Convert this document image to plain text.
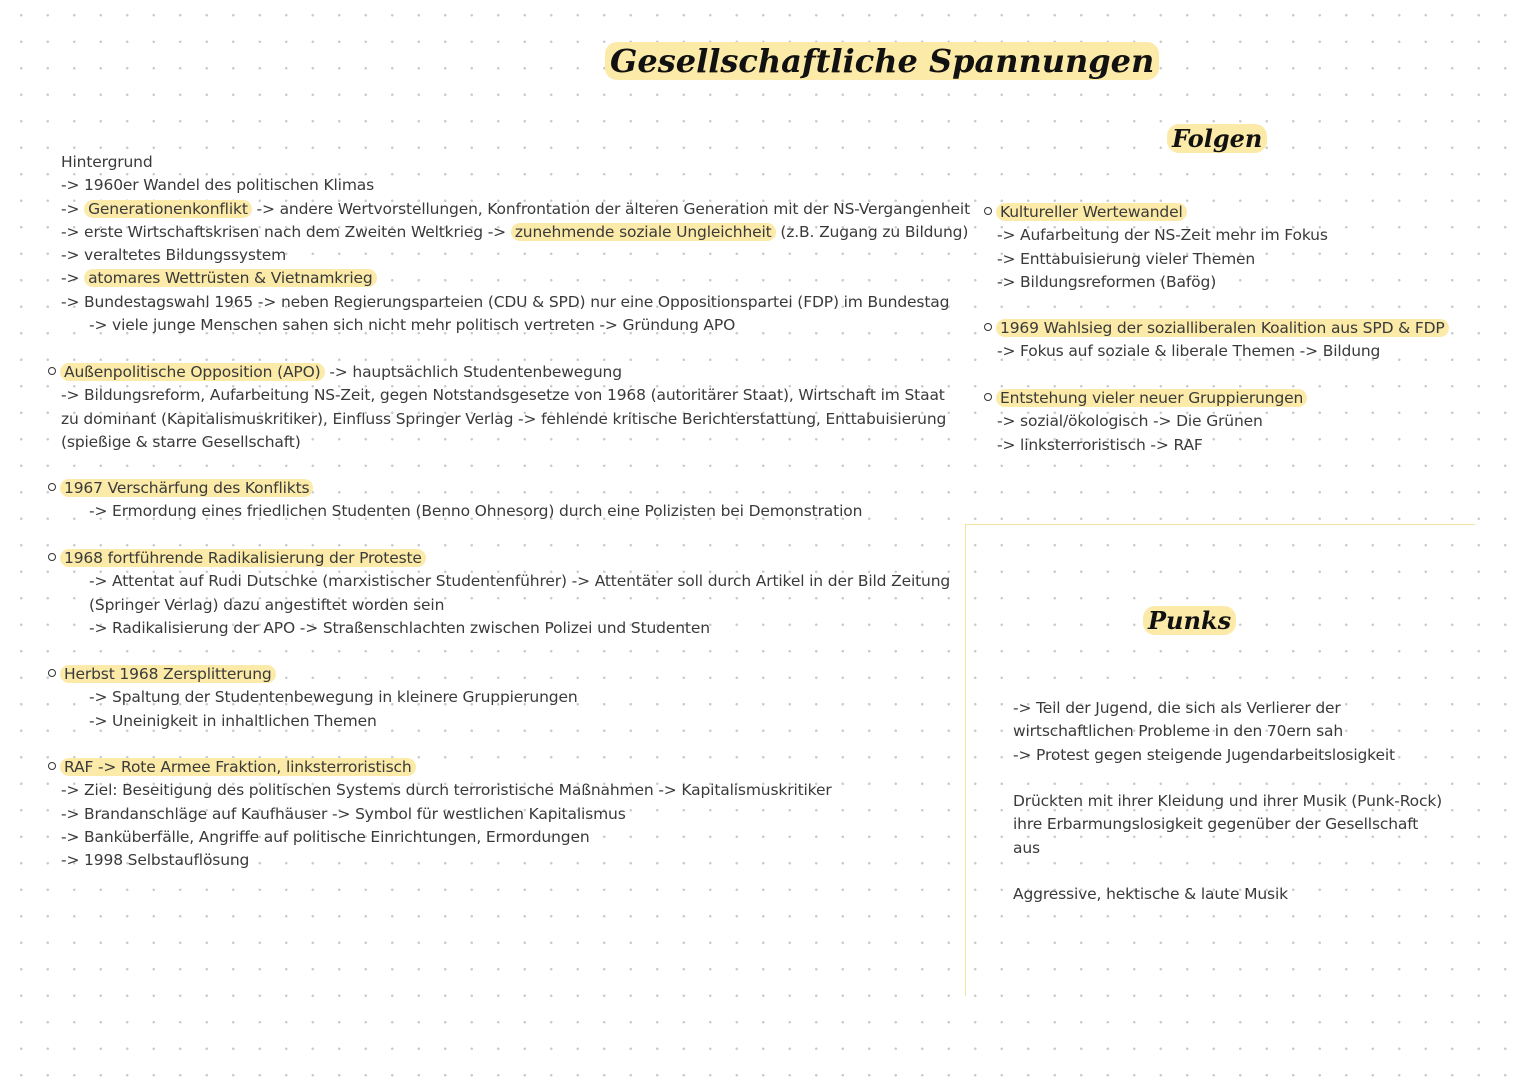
Gesellschaftliche Spannungen
Hintergrund
-> 1960er Wandel des politischen Klimas
-> Generationenkonflikt -> andere Wertvorstellungen, Konfrontation der älteren Generation mit der NS-Vergangenheit
-> erste Wirtschaftskrisen nach dem Zweiten Weltkrieg -> zunehmende soziale Ungleichheit (z.B. Zugang zu Bildung)
-> veraltetes Bildungssystem
-> atomares Wettrüsten & Vietnamkrieg
-> Bundestagswahl 1965 -> neben Regierungsparteien (CDU & SPD) nur eine Oppositionspartei (FDP) im Bundestag
-> viele junge Menschen sahen sich nicht mehr politisch vertreten -> Gründung APO
Außenpolitische Opposition (APO) -> hauptsächlich Studentenbewegung
-> Bildungsreform, Aufarbeitung NS-Zeit, gegen Notstandsgesetze von 1968 (autoritärer Staat), Wirtschaft im Staat
zu dominant (Kapitalismuskritiker), Einfluss Springer Verlag -> fehlende kritische Berichterstattung, Enttabuisierung
(spießige & starre Gesellschaft)
1967 Verschärfung des Konflikts
-> Ermordung eines friedlichen Studenten (Benno Ohnesorg) durch eine Polizisten bei Demonstration
1968 fortführende Radikalisierung der Proteste
-> Attentat auf Rudi Dutschke (marxistischer Studentenführer) -> Attentäter soll durch Artikel in der Bild Zeitung
(Springer Verlag) dazu angestiftet worden sein
-> Radikalisierung der APO -> Straßenschlachten zwischen Polizei und Studenten
Herbst 1968 Zersplitterung
-> Spaltung der Studentenbewegung in kleinere Gruppierungen
-> Uneinigkeit in inhaltlichen Themen
RAF -> Rote Armee Fraktion, linksterroristisch
-> Ziel: Beseitigung des politischen Systems durch terroristische Maßnahmen -> Kapitalismuskritiker
-> Brandanschläge auf Kaufhäuser -> Symbol für westlichen Kapitalismus
-> Banküberfälle, Angriffe auf politische Einrichtungen, Ermordungen
-> 1998 Selbstauflösung
Folgen
Kultureller Wertewandel
-> Aufarbeitung der NS-Zeit mehr im Fokus
-> Enttabuisierung vieler Themen
-> Bildungsreformen (Bafög)
1969 Wahlsieg der sozialliberalen Koalition aus SPD & FDP
-> Fokus auf soziale & liberale Themen -> Bildung
Entstehung vieler neuer Gruppierungen
-> sozial/ökologisch -> Die Grünen
-> linksterroristisch -> RAF
Punks
-> Teil der Jugend, die sich als Verlierer der
wirtschaftlichen Probleme in den 70ern sah
-> Protest gegen steigende Jugendarbeitslosigkeit

Drückten mit ihrer Kleidung und ihrer Musik (Punk-Rock)
ihre Erbarmungslosigkeit gegenüber der Gesellschaft
aus

Aggressive, hektische & laute Musik
